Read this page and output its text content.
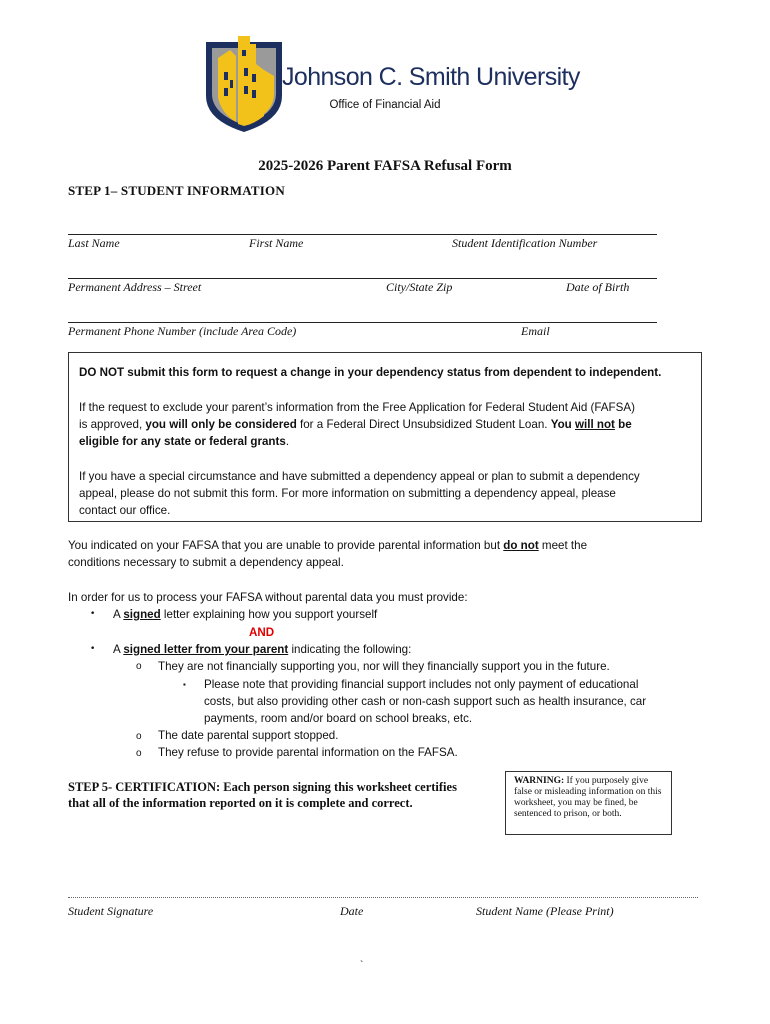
Johnson C. Smith University
Office of Financial Aid
2025-2026 Parent FAFSA Refusal Form
STEP 1– STUDENT INFORMATION
Last Name	First Name	Student Identification Number
Permanent Address – Street	City/State Zip	Date of Birth
Permanent Phone Number (include Area Code)	Email
DO NOT submit this form to request a change in your dependency status from dependent to independent.
If the request to exclude your parent’s information from the Free Application for Federal Student Aid (FAFSA)
is approved, you will only be considered for a Federal Direct Unsubsidized Student Loan. You will not be
eligible for any state or federal grants.
If you have a special circumstance and have submitted a dependency appeal or plan to submit a dependency
appeal, please do not submit this form. For more information on submitting a dependency appeal, please
contact our office.
You indicated on your FAFSA that you are unable to provide parental information but do not meet the
conditions necessary to submit a dependency appeal.
In order for us to process your FAFSA without parental data you must provide:
• A signed letter explaining how you support yourself
AND
• A signed letter from your parent indicating the following:
o They are not financially supporting you, nor will they financially support you in the future.
▪ Please note that providing financial support includes not only payment of educational
costs, but also providing other cash or non-cash support such as health insurance, car
payments, room and/or board on school breaks, etc.
o The date parental support stopped.
o They refuse to provide parental information on the FAFSA.
STEP 5- CERTIFICATION: Each person signing this worksheet certifies
that all of the information reported on it is complete and correct.
WARNING: If you purposely give false or misleading information on this worksheet, you may be fined, be sentenced to prison, or both.
Student Signature	Date	Student Name (Please Print)
`
